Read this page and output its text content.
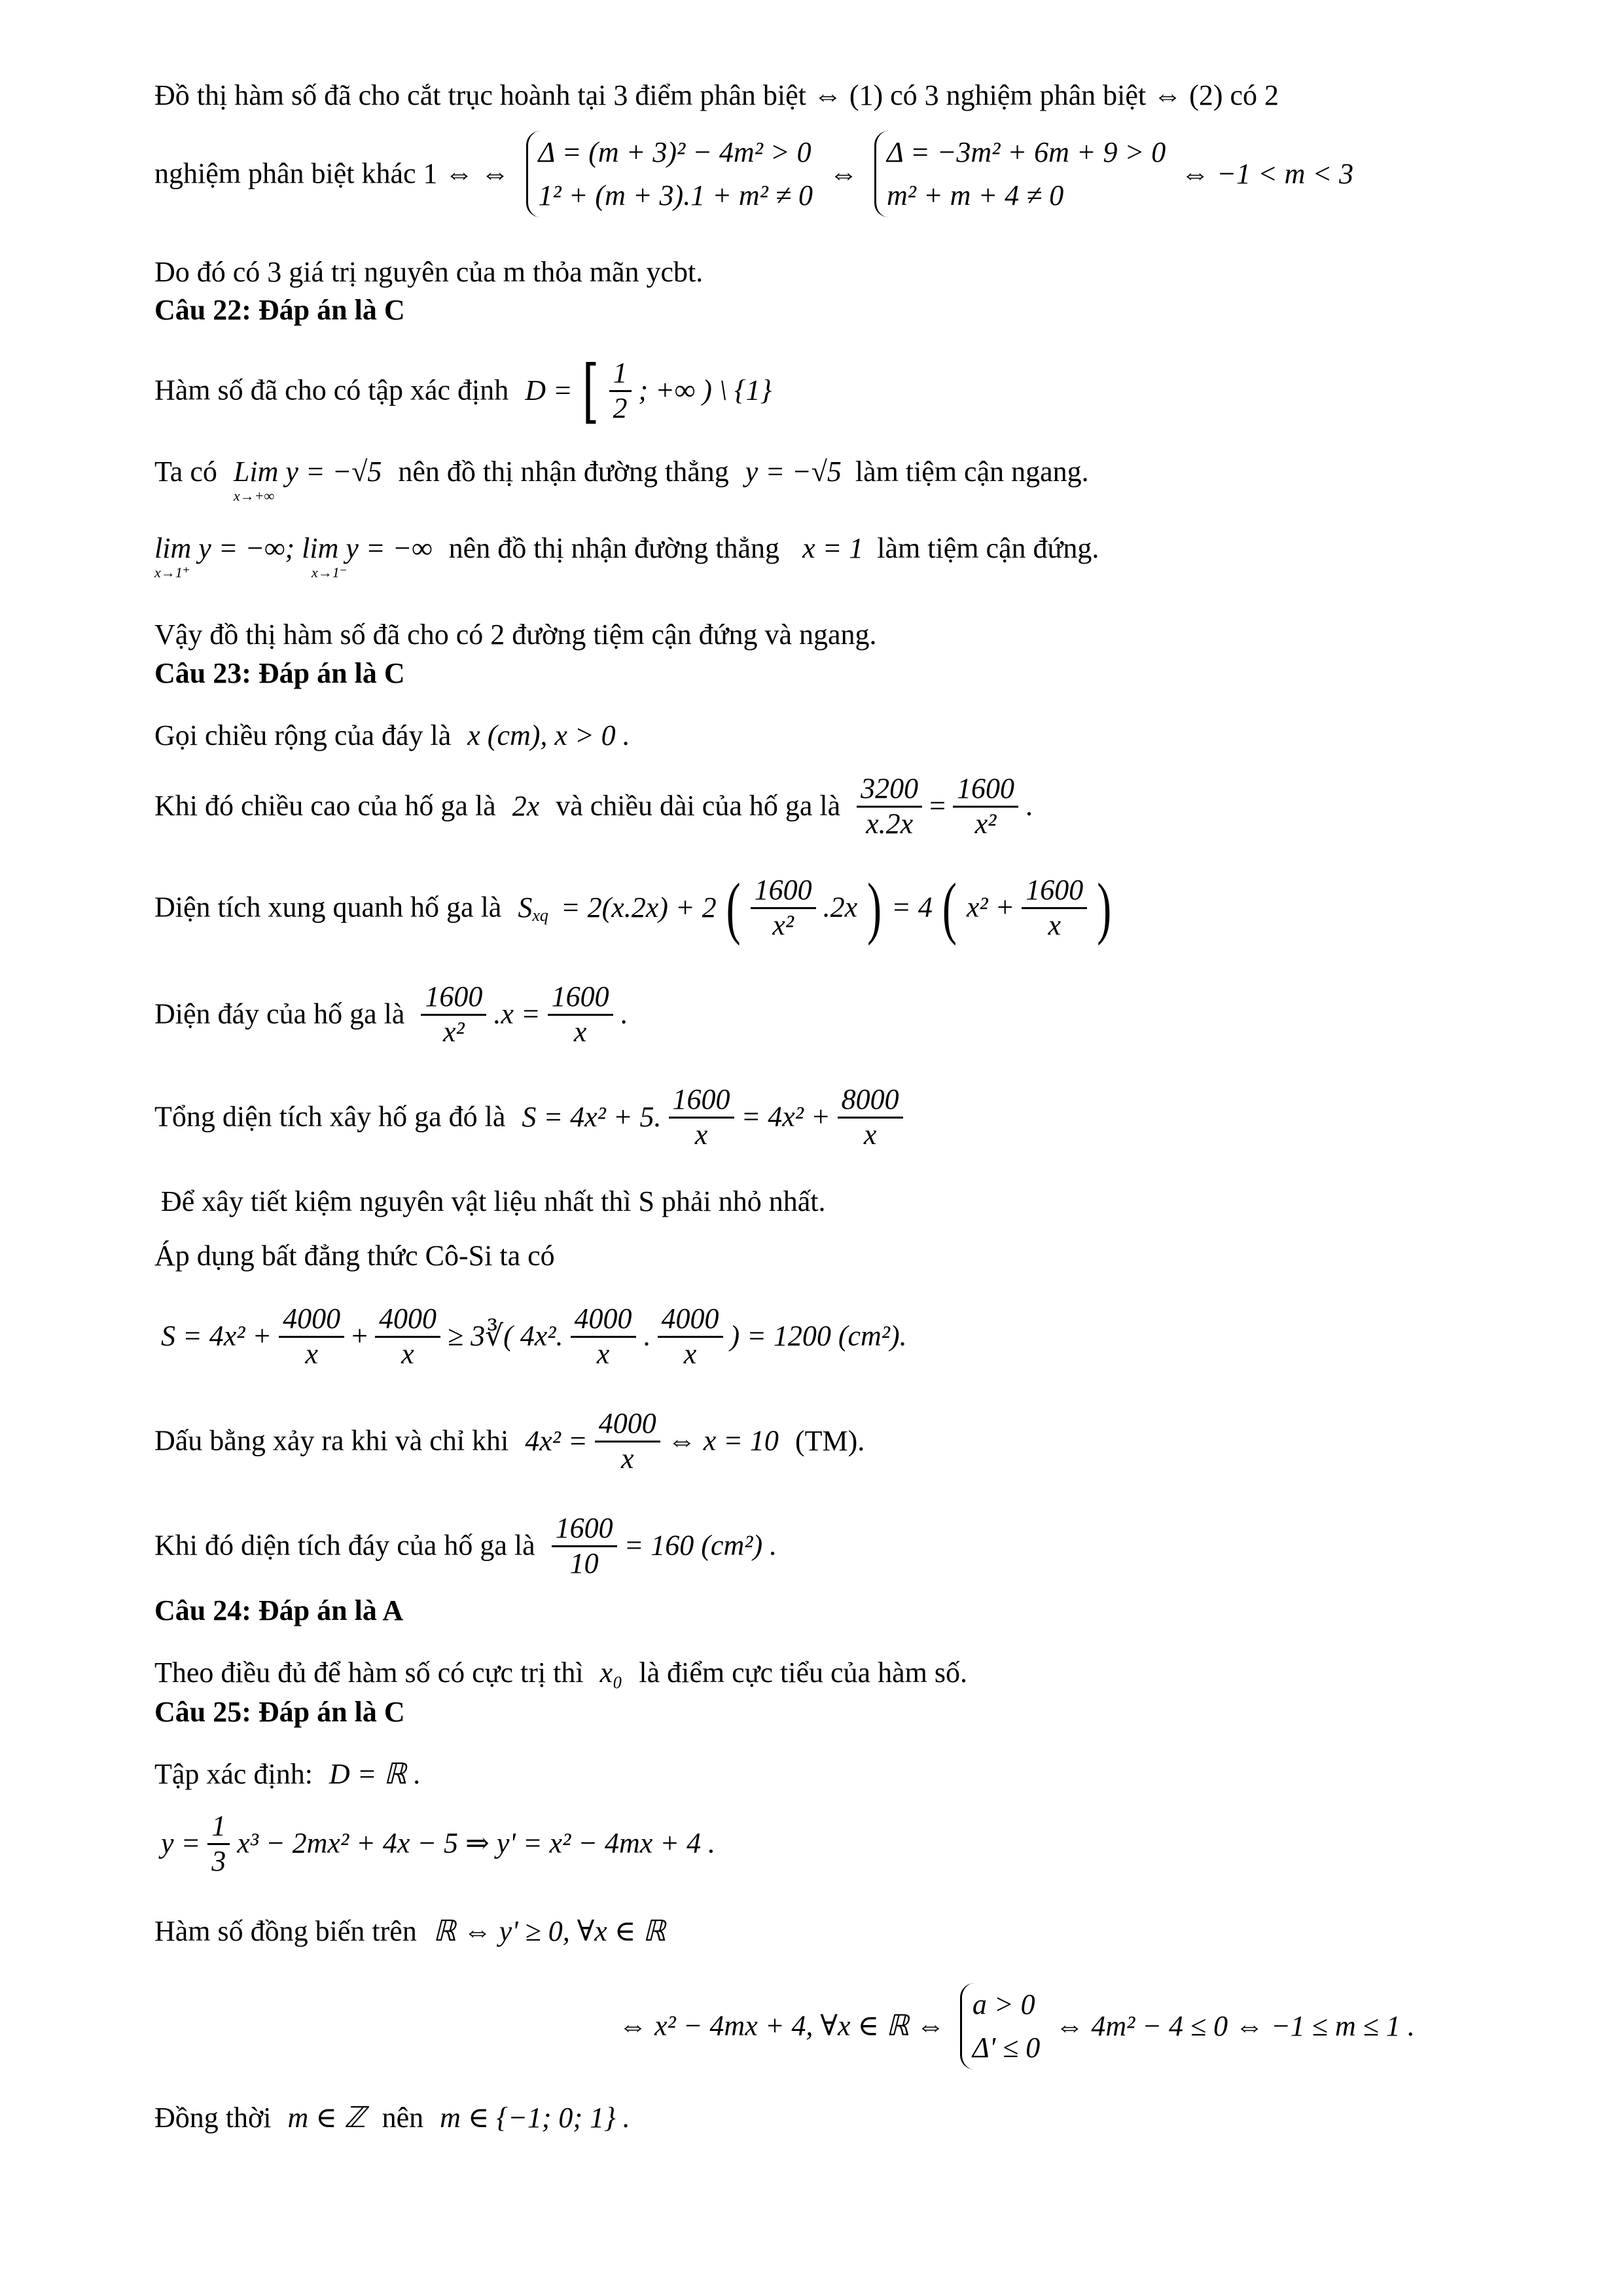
Đồ thị hàm số đã cho cắt trục hoành tại 3 điểm phân biệt ⇔ (1) có 3 nghiệm phân biệt ⇔ (2) có 2
nghiệm phân biệt khác 1 ⇔ ⇔
Δ = (m + 3)² − 4m² > 0
1² + (m + 3).1 + m² ≠ 0
⇔
Δ = −3m² + 6m + 9 > 0
m² + m + 4 ≠ 0
⇔ −1 < m < 3
Do đó có 3 giá trị nguyên của m thỏa mãn ycbt.
Câu 22: Đáp án là C
Hàm số đã cho có tập xác định D = [ $\frac{1}{2}$ ; +∞ ) \ {1}
Ta có Lim y = −√5
x→+∞
nên đồ thị nhận đường thẳng y = −√5 làm tiệm cận ngang.
lim y = −∞; lim y = −∞
x→1⁺	x→1⁻
nên đồ thị nhận đường thẳng x = 1 làm tiệm cận đứng.
Vậy đồ thị hàm số đã cho có 2 đường tiệm cận đứng và ngang.
Câu 23: Đáp án là C
Gọi chiều rộng của đáy là x (cm), x > 0 .
Khi đó chiều cao của hố ga là 2x và chiều dài của hố ga là $\frac{3200}{x.2x} = \frac{1600}{\text{x²}}$ .
Diện tích xung quanh hố ga là $S_{xq} = 2(x.2x) + 2$ ( $\frac{1600}{\text{x²}} .2x$ ) = 4 ( $x^2 + \frac{1600}{x}$ )
Diện đáy của hố ga là $\frac{1600}{\text{x²}} .x = \frac{1600}{x}$ .
Tổng diện tích xây hố ga đó là S = 4x² + 5. $\frac{1600}{x} = 4x^2 + \frac{8000}{x}$
Để xây tiết kiệm nguyên vật liệu nhất thì S phải nhỏ nhất.
Áp dụng bất đẳng thức Cô-Si ta có
$S = 4x^2 + \frac{4000}{x} + \frac{4000}{x}$ ≥ 3∛( 4x². $\frac{4000}{x}$ . $\frac{4000}{x}$ ) = 1200 (cm²).
Dấu bằng xảy ra khi và chỉ khi $4x^2 = \frac{4000}{x}$ ⇔ x = 10 (TM).
Khi đó diện tích đáy của hố ga là $\frac{1600}{10} = 160$ (cm²) .
Câu 24: Đáp án là A
Theo điều đủ để hàm số có cực trị thì x₀ là điểm cực tiểu của hàm số.
Câu 25: Đáp án là C
Tập xác định: D = ℝ .
$y = \frac{1}{3} x^3 - 2mx^2 + 4x - 5$ ⇒ y' = x² − 4mx + 4 .
Hàm số đồng biến trên ℝ ⇔ y' ≥ 0, ∀x ∈ ℝ
⇔ x² − 4mx + 4, ∀x ∈ ℝ ⇔
a > 0
Δ' ≤ 0
⇔ 4m² − 4 ≤ 0 ⇔ −1 ≤ m ≤ 1 .
Đồng thời m ∈ ℤ nên m ∈ {−1; 0; 1} .
